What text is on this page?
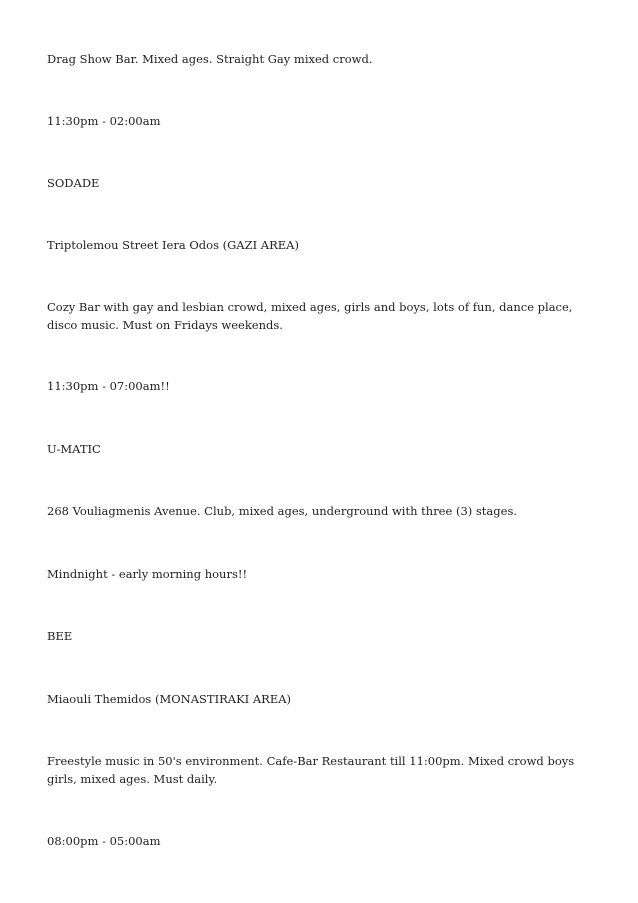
Drag Show Bar. Mixed ages. Straight Gay mixed crowd.

11:30pm - 02:00am

SODADE

Triptolemou Street Iera Odos (GAZI AREA)

Cozy Bar with gay and lesbian crowd, mixed ages, girls and boys, lots of fun, dance place, disco music. Must on Fridays weekends.

11:30pm - 07:00am!!

U-MATIC

268 Vouliagmenis Avenue. Club, mixed ages, underground with three (3) stages.

Mindnight - early morning hours!!

BEE

Miaouli Themidos (MONASTIRAKI AREA)

Freestyle music in 50's environment. Cafe-Bar Restaurant till 11:00pm. Mixed crowd boys girls, mixed ages. Must daily.

08:00pm - 05:00am
